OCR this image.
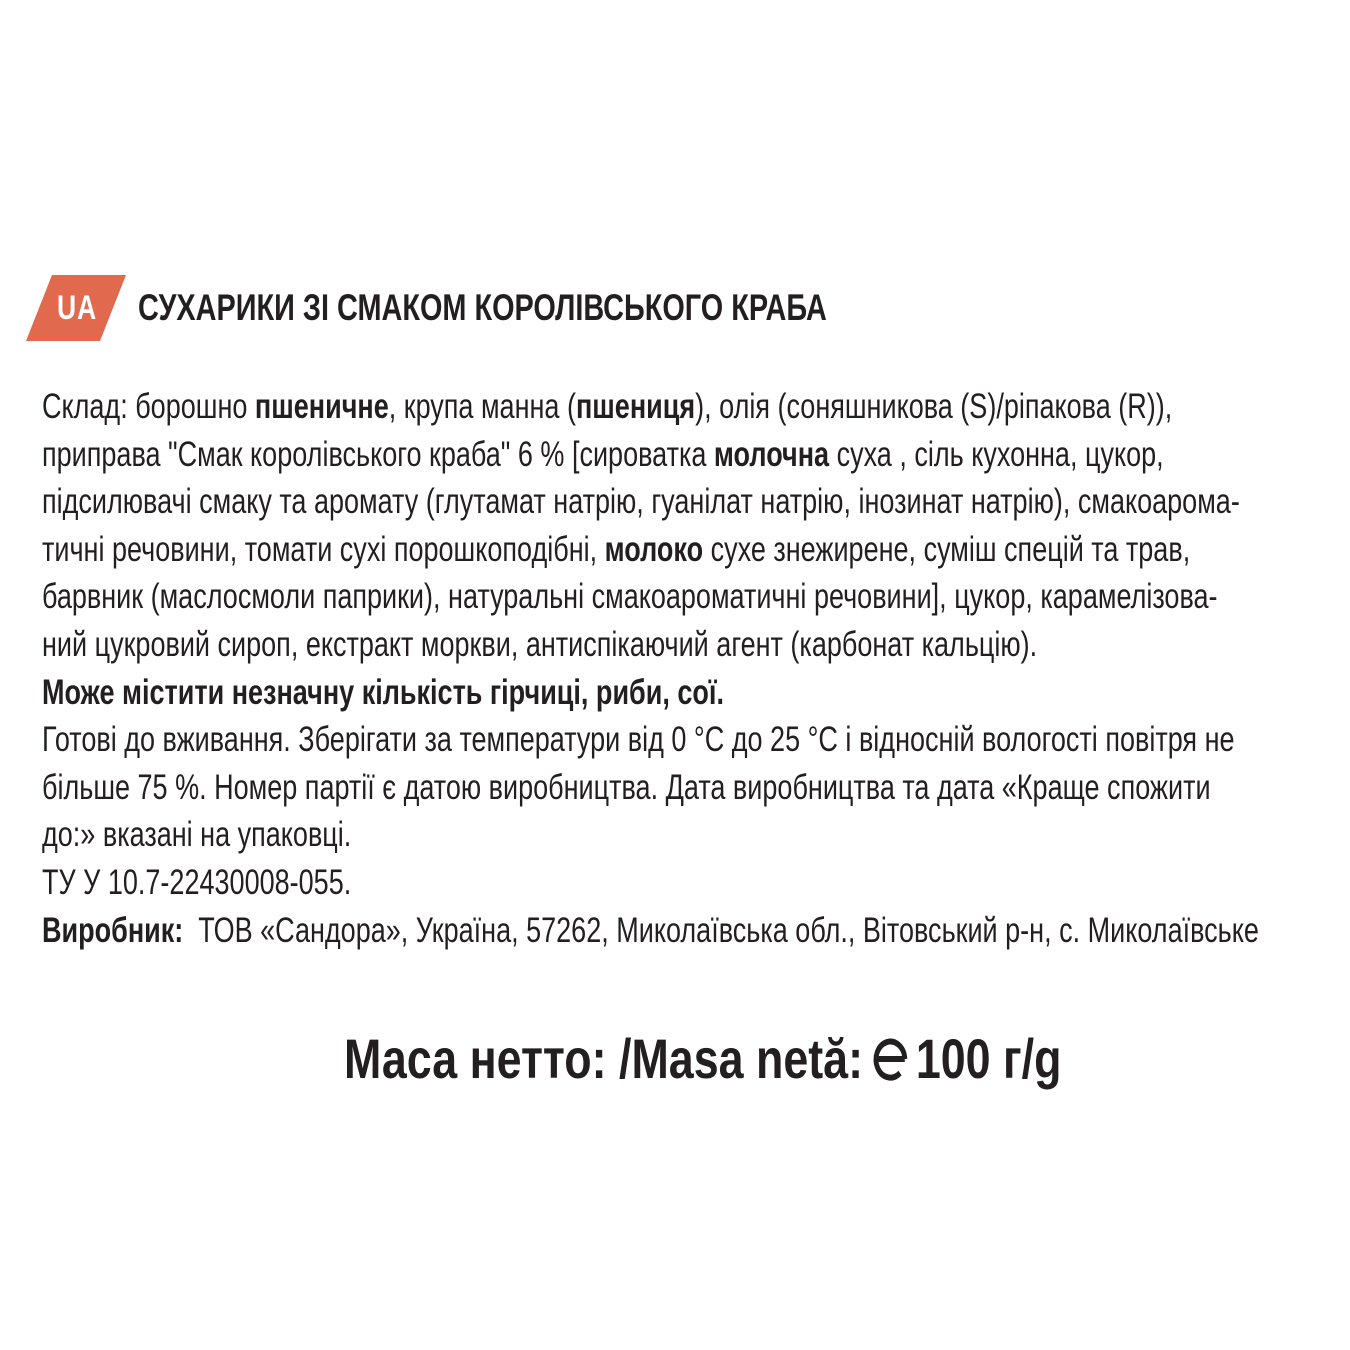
UA СУХАРИКИ ЗІ СМАКОМ КОРОЛІВСЬКОГО КРАБА
Склад: борошно пшеничне, крупа манна (пшениця), олія (соняшникова (S)/ріпакова (R)),
приправа "Смак королівського краба" 6 % [сироватка молочна суха , сіль кухонна, цукор,
підсилювачі смаку та аромату (глутамат натрію, гуанілат натрію, інозинат натрію), смакоарома-
тичні речовини, томати сухі порошкоподібні, молоко сухе знежирене, суміш спецій та трав,
барвник (маслосмоли паприки), натуральні смакоароматичні речовини], цукор, карамелізова-
ний цукровий сироп, екстракт моркви, антиспікаючий агент (карбонат кальцію).
Може містити незначну кількість гірчиці, риби, сої.
Готові до вживання. Зберігати за температури від 0 °С до 25 °С і відносній вологості повітря не
більше 75 %. Номер партії є датою виробництва. Дата виробництва та дата «Краще спожити
до:» вказані на упаковці.
ТУ У 10.7-22430008-055.
Виробник:  ТОВ «Сандора», Україна, 57262, Миколаївська обл., Вітовський р-н, с. Миколаївське
Маса нетто: /Masa netă: 100 г/g
